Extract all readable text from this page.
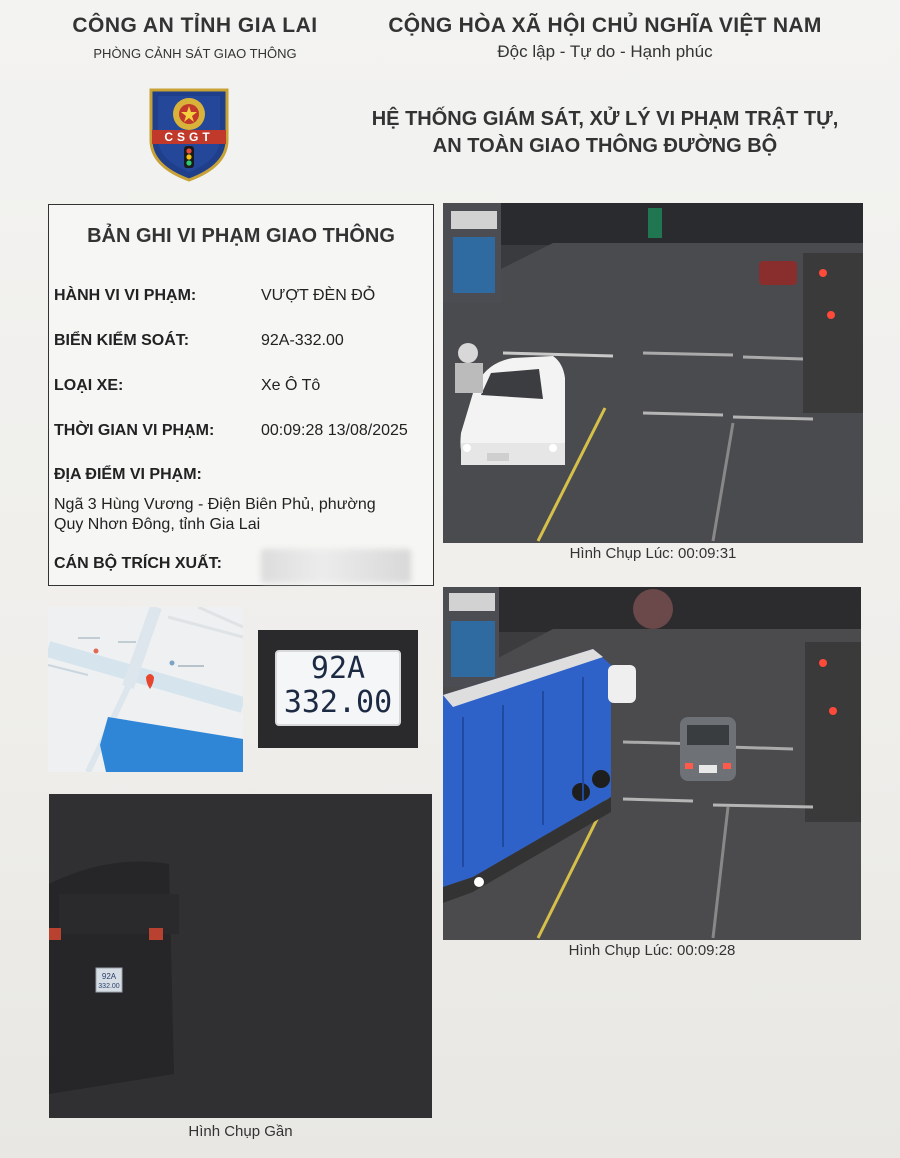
CÔNG AN TỈNH GIA LAI
PHÒNG CẢNH SÁT GIAO THÔNG
CỘNG HÒA XÃ HỘI CHỦ NGHĨA VIỆT NAM
Độc lập - Tự do - Hạnh phúc
HỆ THỐNG GIÁM SÁT, XỬ LÝ VI PHẠM TRẬT TỰ,
AN TOÀN GIAO THÔNG ĐƯỜNG BỘ
CSGT
BẢN GHI VI PHẠM GIAO THÔNG
HÀNH VI VI PHẠM:	VƯỢT ĐÈN ĐỎ
BIỂN KIỂM SOÁT:	92A-332.00
LOẠI XE:	Xe Ô Tô
THỜI GIAN VI PHẠM:	00:09:28 13/08/2025
ĐỊA ĐIỂM VI PHẠM:
Ngã 3 Hùng Vương - Điện Biên Phủ, phường
Quy Nhơn Đông, tỉnh Gia Lai
CÁN BỘ TRÍCH XUẤT:
92A
332.00
Hình Chụp Lúc: 00:09:31
Hình Chụp Lúc: 00:09:28
92A
332.00
Hình Chụp Gần
